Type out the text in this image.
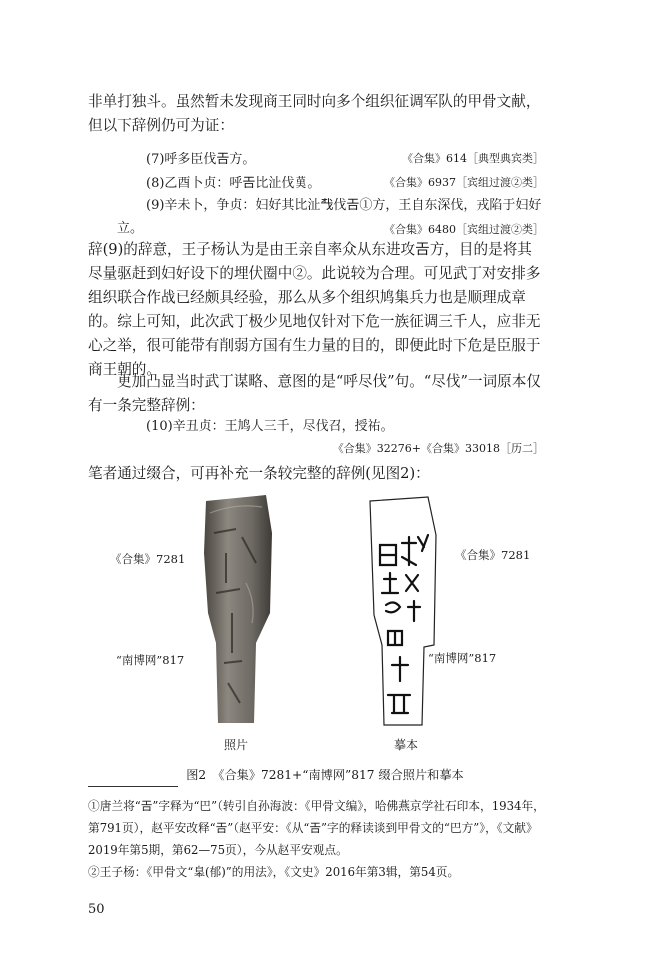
非单打独斗。虽然暂未发现商王同时向多个组织征调军队的甲骨文献，但以下辞例仍可为证：

(7)呼多臣伐𢀛方。	《合集》614［典型典宾类］
(8)乙酉卜贞：呼𢀛比沚伐𦰩。	《合集》6937［宾组过渡②类］

(9)辛未卜，争贞：妇好其比沚𢦔伐𢀛①方，王自东深伐，戎陷于妇好立。	《合集》6480［宾组过渡②类］

辞(9)的辞意，王子杨认为是由王亲自率众从东进攻𢀛方，目的是将其尽量驱赶到妇好设下的埋伏圈中②。此说较为合理。可见武丁对安排多组织联合作战已经颇具经验，那么从多个组织鸠集兵力也是顺理成章的。综上可知，此次武丁极少见地仅针对下危一族征调三千人，应非无心之举，很可能带有削弱方国有生力量的目的，即便此时下危是臣服于商王朝的。

更加凸显当时武丁谋略、意图的是“呼尽伐”句。“尽伐”一词原本仅有一条完整辞例：

(10)辛丑贞：王鸠人三千，尽伐召，授祐。
《合集》32276+《合集》33018［历二］

笔者通过缀合，可再补充一条较完整的辞例(见图2)：

《合集》7281
“南博网”817
《合集》7281
“南博网”817
照片	摹本
图2　《合集》7281+“南博网”817 缀合照片和摹本

①唐兰将“𢀛”字释为“巴”（转引自孙海波：《甲骨文编》，哈佛燕京学社石印本，1934年，第791页），赵平安改释“𢀛”（赵平安：《从“𢀛”字的释读谈到甲骨文的“巴方”》，《文献》2019年第5期，第62—75页），今从赵平安观点。

②王子杨：《甲骨文“𦤎(郁)”的用法》，《文史》2016年第3辑，第54页。

50
